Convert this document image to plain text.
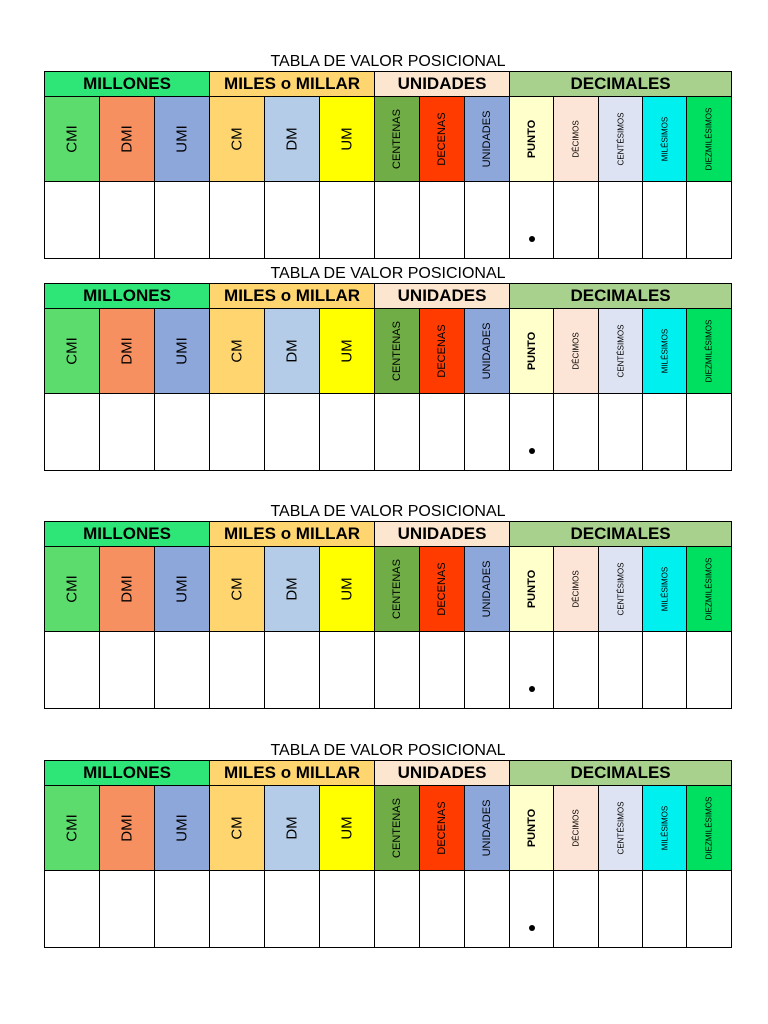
TABLA DE VALOR POSICIONAL
MILLONES			MILES o MILLAR			UNIDADES			DECIMALES				

CMI	DMI	UMI	CM	DM	UM	CENTENAS	DECENAS	UNIDADES	PUNTO	DÉCIMOS	CENTÉSIMOS	MILÉSIMOS	DIEZMILÉSIMOS

TABLA DE VALOR POSICIONAL
MILLONES			MILES o MILLAR			UNIDADES			DECIMALES				

CMI	DMI	UMI	CM	DM	UM	CENTENAS	DECENAS	UNIDADES	PUNTO	DÉCIMOS	CENTÉSIMOS	MILÉSIMOS	DIEZMILÉSIMOS

TABLA DE VALOR POSICIONAL
MILLONES			MILES o MILLAR			UNIDADES			DECIMALES				

CMI	DMI	UMI	CM	DM	UM	CENTENAS	DECENAS	UNIDADES	PUNTO	DÉCIMOS	CENTÉSIMOS	MILÉSIMOS	DIEZMILÉSIMOS

TABLA DE VALOR POSICIONAL
MILLONES			MILES o MILLAR			UNIDADES			DECIMALES				

CMI	DMI	UMI	CM	DM	UM	CENTENAS	DECENAS	UNIDADES	PUNTO	DÉCIMOS	CENTÉSIMOS	MILÉSIMOS	DIEZMILÉSIMOS
